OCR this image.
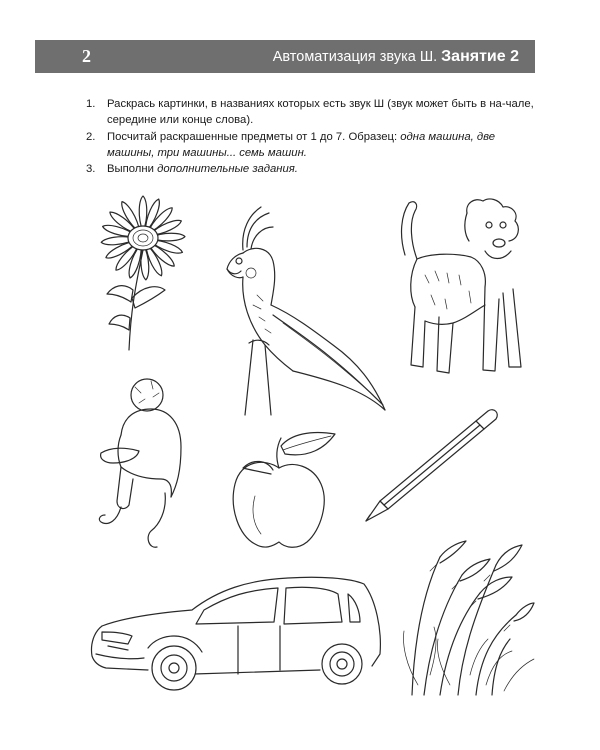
2	Автоматизация звука Ш. Занятие 2
1. Раскрась картинки, в названиях которых есть звук Ш (звук может быть в на-чале, середине или конце слова).
2. Посчитай раскрашенные предметы от 1 до 7. Образец: одна машина, две машины, три машины... семь машин.
3. Выполни дополнительные задания.
